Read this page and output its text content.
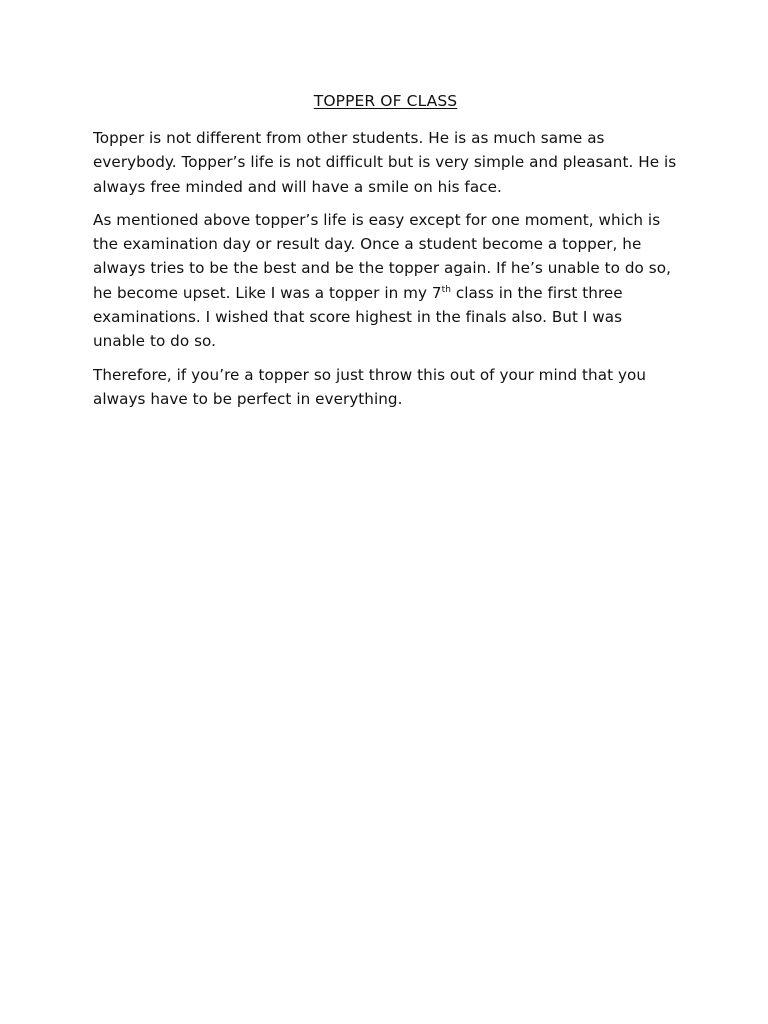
TOPPER OF CLASS

Topper is not different from other students. He is as much same as everybody. Topper’s life is not difficult but is very simple and pleasant. He is always free minded and will have a smile on his face.

As mentioned above topper’s life is easy except for one moment, which is the examination day or result day. Once a student become a topper, he always tries to be the best and be the topper again. If he’s unable to do so, he become upset. Like I was a topper in my 7th class in the first three examinations. I wished that score highest in the finals also. But I was unable to do so.

Therefore, if you’re a topper so just throw this out of your mind that you always have to be perfect in everything.
